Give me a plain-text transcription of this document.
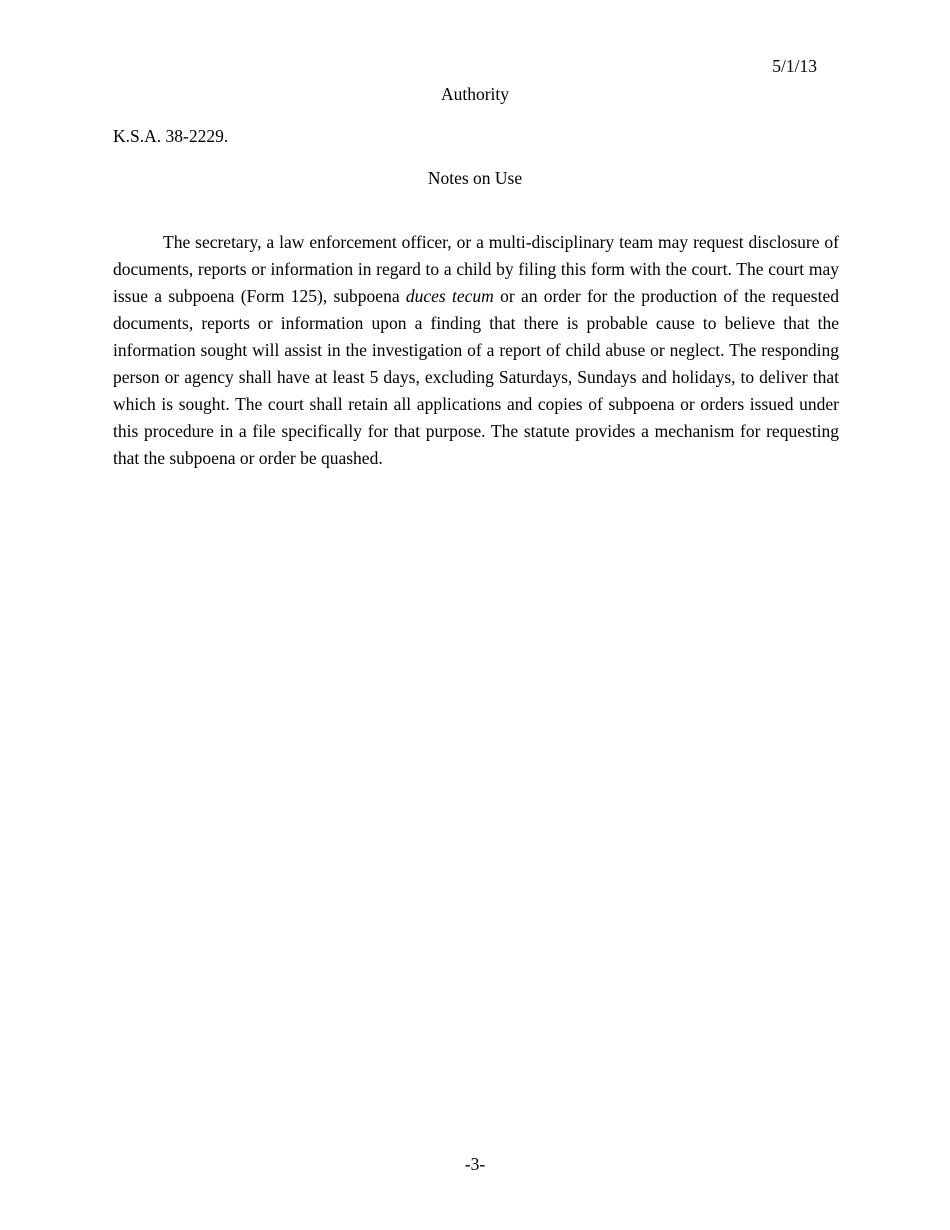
5/1/13
Authority
K.S.A. 38-2229.
Notes on Use

The secretary, a law enforcement officer, or a multi-disciplinary team may request disclosure of documents, reports or information in regard to a child by filing this form with the court. The court may issue a subpoena (Form 125), subpoena duces tecum or an order for the production of the requested documents, reports or information upon a finding that there is probable cause to believe that the information sought will assist in the investigation of a report of child abuse or neglect. The responding person or agency shall have at least 5 days, excluding Saturdays, Sundays and holidays, to deliver that which is sought. The court shall retain all applications and copies of subpoena or orders issued under this procedure in a file specifically for that purpose. The statute provides a mechanism for requesting that the subpoena or order be quashed.

-3-
